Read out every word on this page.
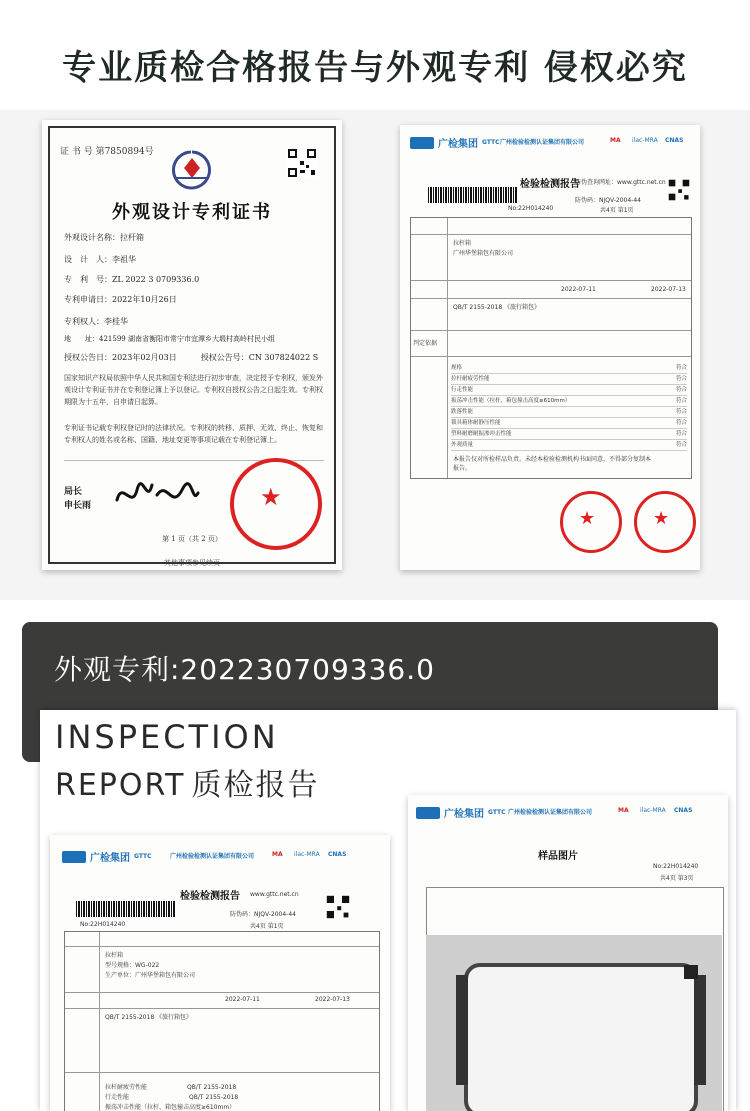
专业质检合格报告与外观专利 侵权必究
证 书 号 第7850894号
外观设计专利证书
外观设计名称：拉杆箱
设　计　人：李祖华
专　利　号：ZL 2022 3 0709336.0
专利申请日：2022年10月26日
专利权人：李桂华
地　　址：421599 湖南省衡阳市常宁市宜潭乡大塅村高岭村民小组
授权公告日：2023年02月03日	授权公告号：CN 307824022 S
国家知识产权局依照中华人民共和国专利法进行初步审查，决定授予专利权，颁发外观设计专利证书并在专利登记簿上予以登记。专利权自授权公告之日起生效。专利权期限为十五年，自申请日起算。
专利证书记载专利权登记时的法律状况。专利权的转移、质押、无效、终止、恢复和专利权人的姓名或名称、国籍、地址变更等事项记载在专利登记簿上。
局长
申长雨	★
第 1 页（共 2 页）
其他事项参见续页
广检集团 GTTC 广州检验检测认证集团有限公司	MA ilac-MRA CNAS
检验检测报告
防伪查询网址：www.gttc.net.cn
No:22H014240
防伪码：NJQV-2004-44
共4页 第1页
拉杆箱
广州华堡箱包有限公司
2022-07-11	2022-07-13
QB/T 2155-2018 《旅行箱包》
判定依据
规格	符合
拉杆耐疲劳性能	符合
行走性能	符合
振荡冲击性能（拉杆、箱包撞击高度≥610mm）	符合
跌落性能	符合
锁具箱体耐静压性能	符合
塑料耐磨耐振渗冲击性能	符合
外观质量	符合
本报告仅对所检样品负责。未经本检验检测机构书面同意，不得部分复制本报告。
★	★
外观专利:202230709336.0
INSPECTION
REPORT 质检报告
广检集团 GTTC	广州检验检测认证集团有限公司	MA ilac-MRA CNAS
检验检测报告 www.gttc.net.cn
No:22H014240
防伪码：NJQV-2004-44
共4页 第1页
拉杆箱
型号规格：WG-022
生产单位：广州华堡箱包有限公司
2022-07-11	2022-07-13
QB/T 2155-2018 《旅行箱包》
拉杆耐疲劳性能	QB/T 2155-2018
行走性能	QB/T 2155-2018
振荡冲击性能（拉杆、箱包撞击高度≥610mm）
广检集团 GTTC 广州检验检测认证集团有限公司	MA ilac-MRA CNAS
样品图片
No:22H014240
共4页 第3页
